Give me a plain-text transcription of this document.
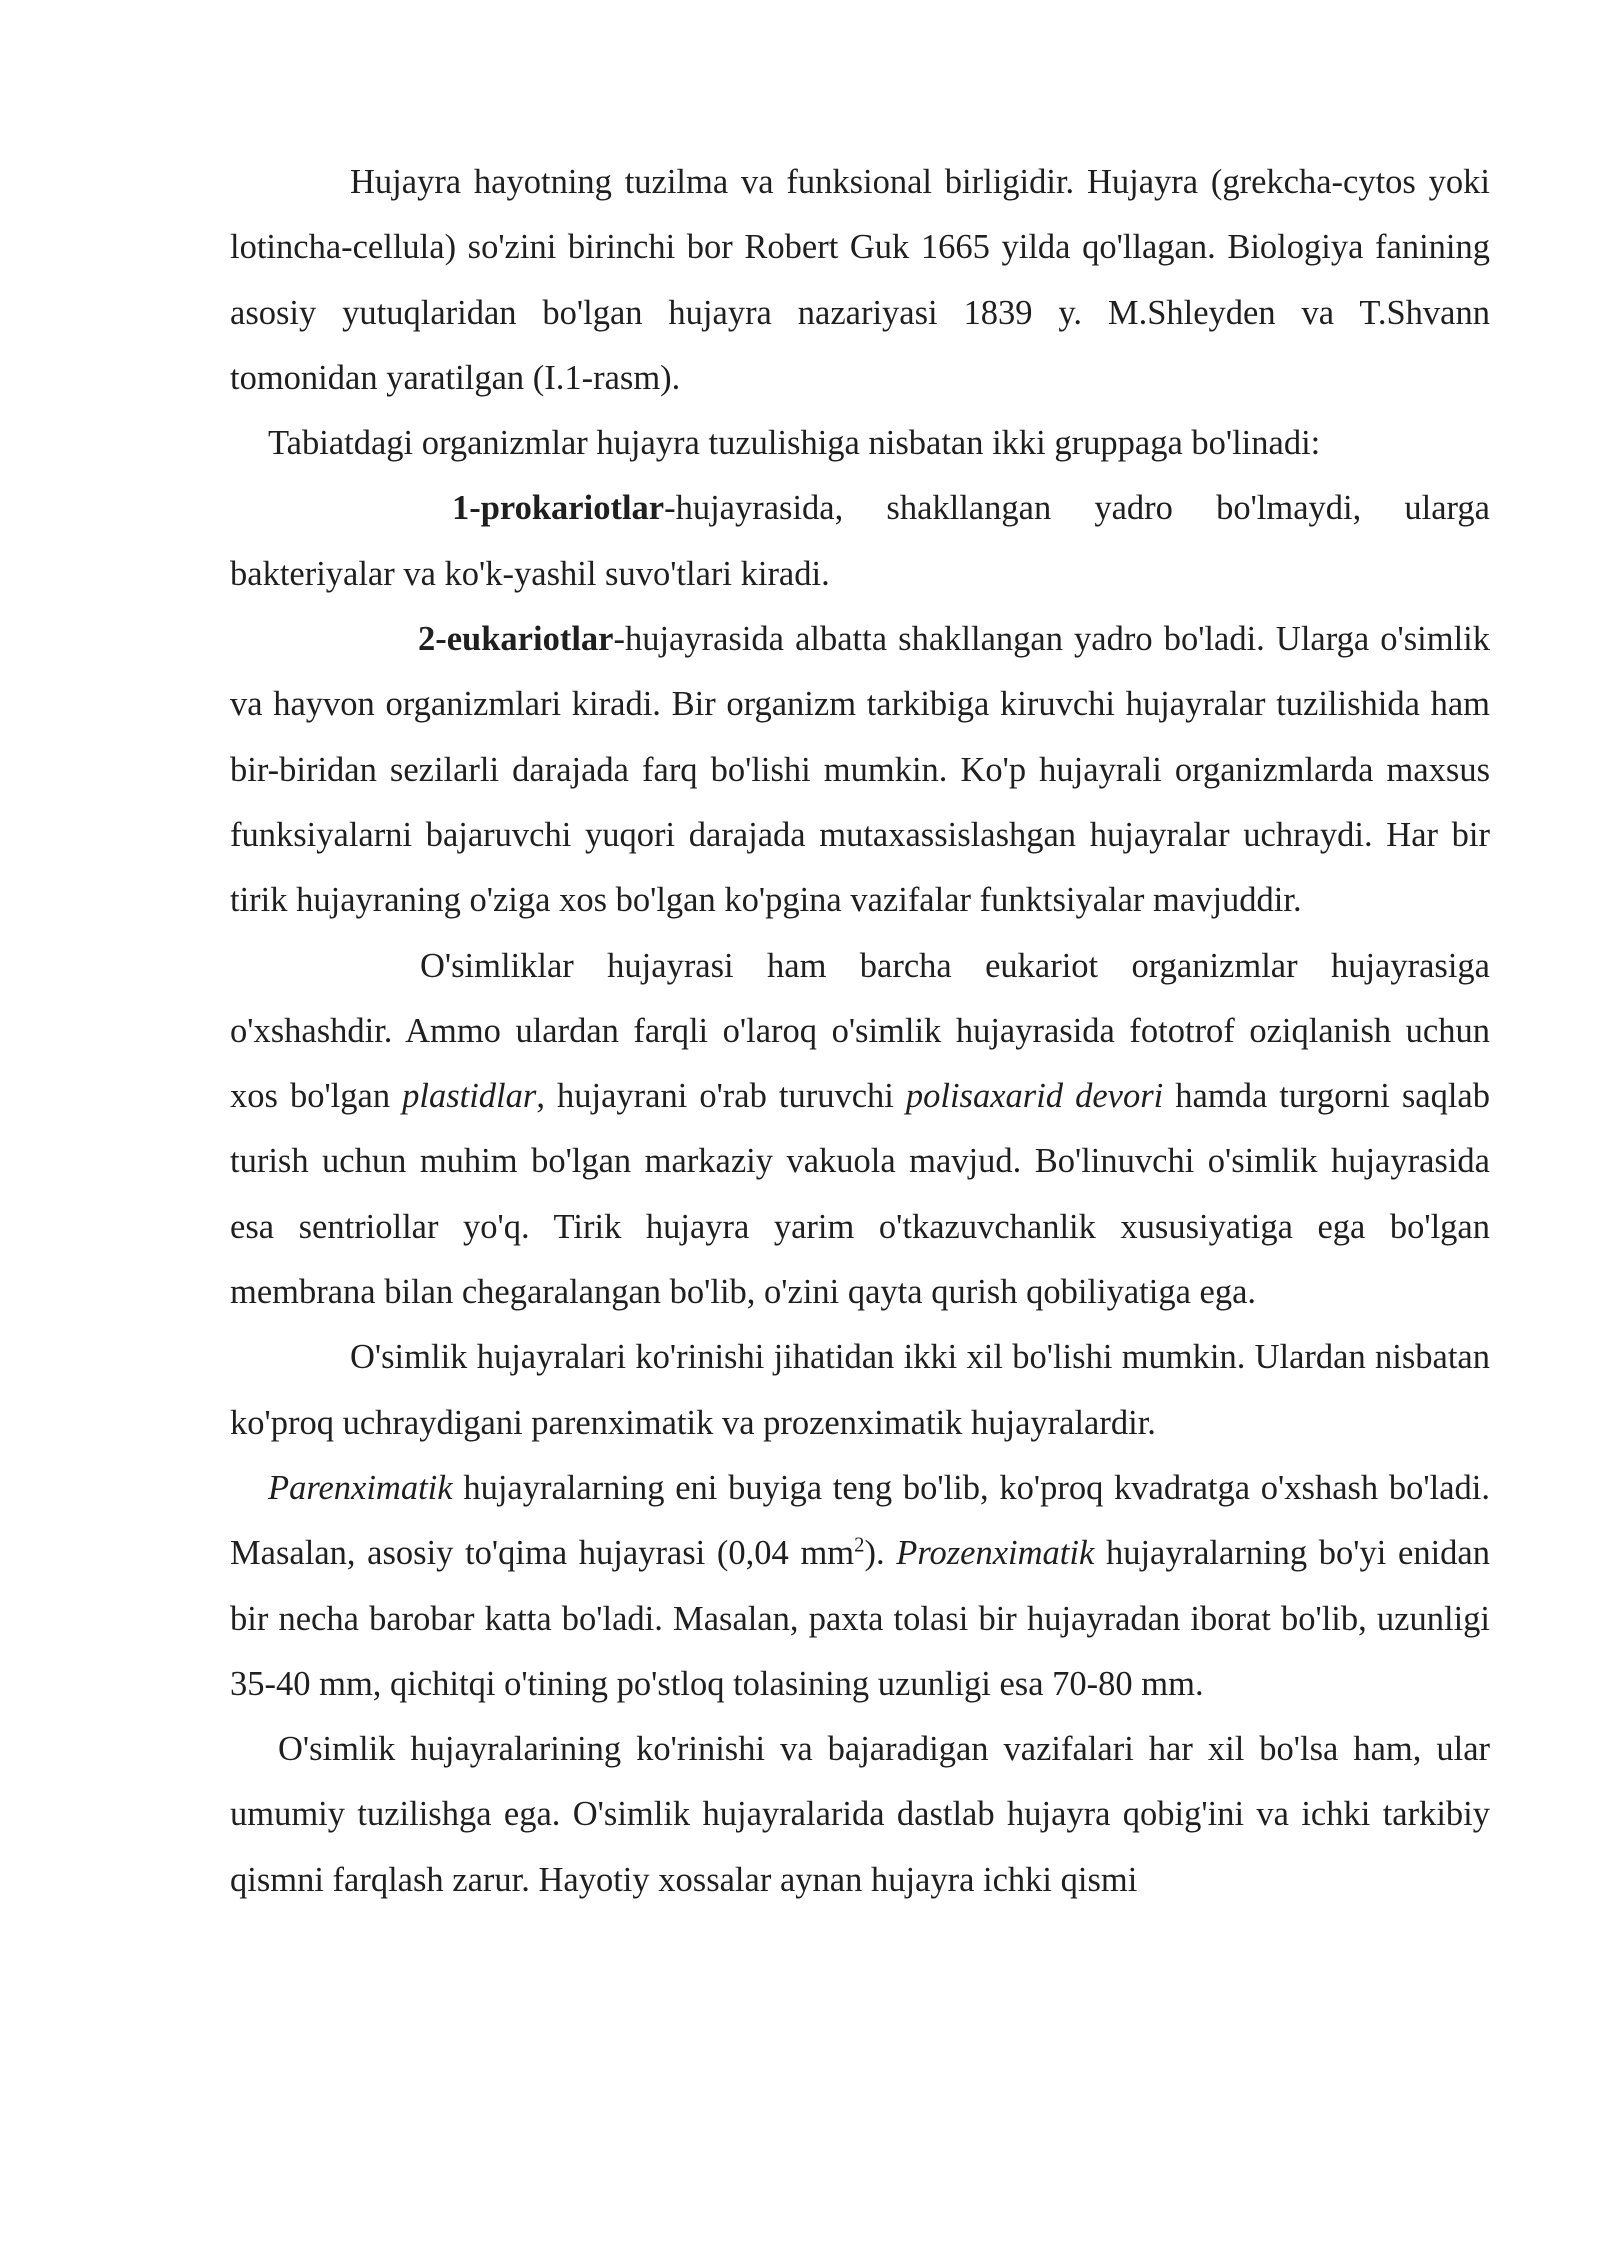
Hujayra hayotning tuzilma va funksional birligidir. Hujayra (grekcha-cytos yoki lotincha-cellula) so'zini birinchi bor Robert Guk 1665 yilda qo'llagan. Biologiya fanining asosiy yutuqlaridan bo'lgan hujayra nazariyasi 1839 y. M.Shleyden va T.Shvann tomonidan yaratilgan (I.1-rasm).

Tabiatdagi organizmlar hujayra tuzulishiga nisbatan ikki gruppaga bo'linadi:

1-prokariotlar-hujayrasida, shakllangan yadro bo'lmaydi, ularga bakteriyalar va ko'k-yashil suvo'tlari kiradi.

2-eukariotlar-hujayrasida albatta shakllangan yadro bo'ladi. Ularga o'simlik va hayvon organizmlari kiradi. Bir organizm tarkibiga kiruvchi hujayralar tuzilishida ham bir-biridan sezilarli darajada farq bo'lishi mumkin. Ko'p hujayrali organizmlarda maxsus funksiyalarni bajaruvchi yuqori darajada mutaxassislashgan hujayralar uchraydi. Har bir tirik hujayraning o'ziga xos bo'lgan ko'pgina vazifalar funktsiyalar mavjuddir.

O'simliklar hujayrasi ham barcha eukariot organizmlar hujayrasiga o'xshashdir. Ammo ulardan farqli o'laroq o'simlik hujayrasida fototrof oziqlanish uchun xos bo'lgan plastidlar, hujayrani o'rab turuvchi polisaxarid devori hamda turgorni saqlab turish uchun muhim bo'lgan markaziy vakuola mavjud. Bo'linuvchi o'simlik hujayrasida esa sentriollar yo'q. Tirik hujayra yarim o'tkazuvchanlik xususiyatiga ega bo'lgan membrana bilan chegaralangan bo'lib, o'zini qayta qurish qobiliyatiga ega.

O'simlik hujayralari ko'rinishi jihatidan ikki xil bo'lishi mumkin. Ulardan nisbatan ko'proq uchraydigani parenximatik va prozenximatik hujayralardir.

Parenximatik hujayralarning eni buyiga teng bo'lib, ko'proq kvadratga o'xshash bo'ladi. Masalan, asosiy to'qima hujayrasi (0,04 $mm^2$). Prozenximatik hujayralarning bo'yi enidan bir necha barobar katta bo'ladi. Masalan, paxta tolasi bir hujayradan iborat bo'lib, uzunligi 35-40 mm, qichitqi o'tining po'stloq tolasining uzunligi esa 70-80 mm.

O'simlik hujayralarining ko'rinishi va bajaradigan vazifalari har xil bo'lsa ham, ular umumiy tuzilishga ega. O'simlik hujayralarida dastlab hujayra qobig'ini va ichki tarkibiy qismni farqlash zarur. Hayotiy xossalar aynan hujayra ichki qismi
